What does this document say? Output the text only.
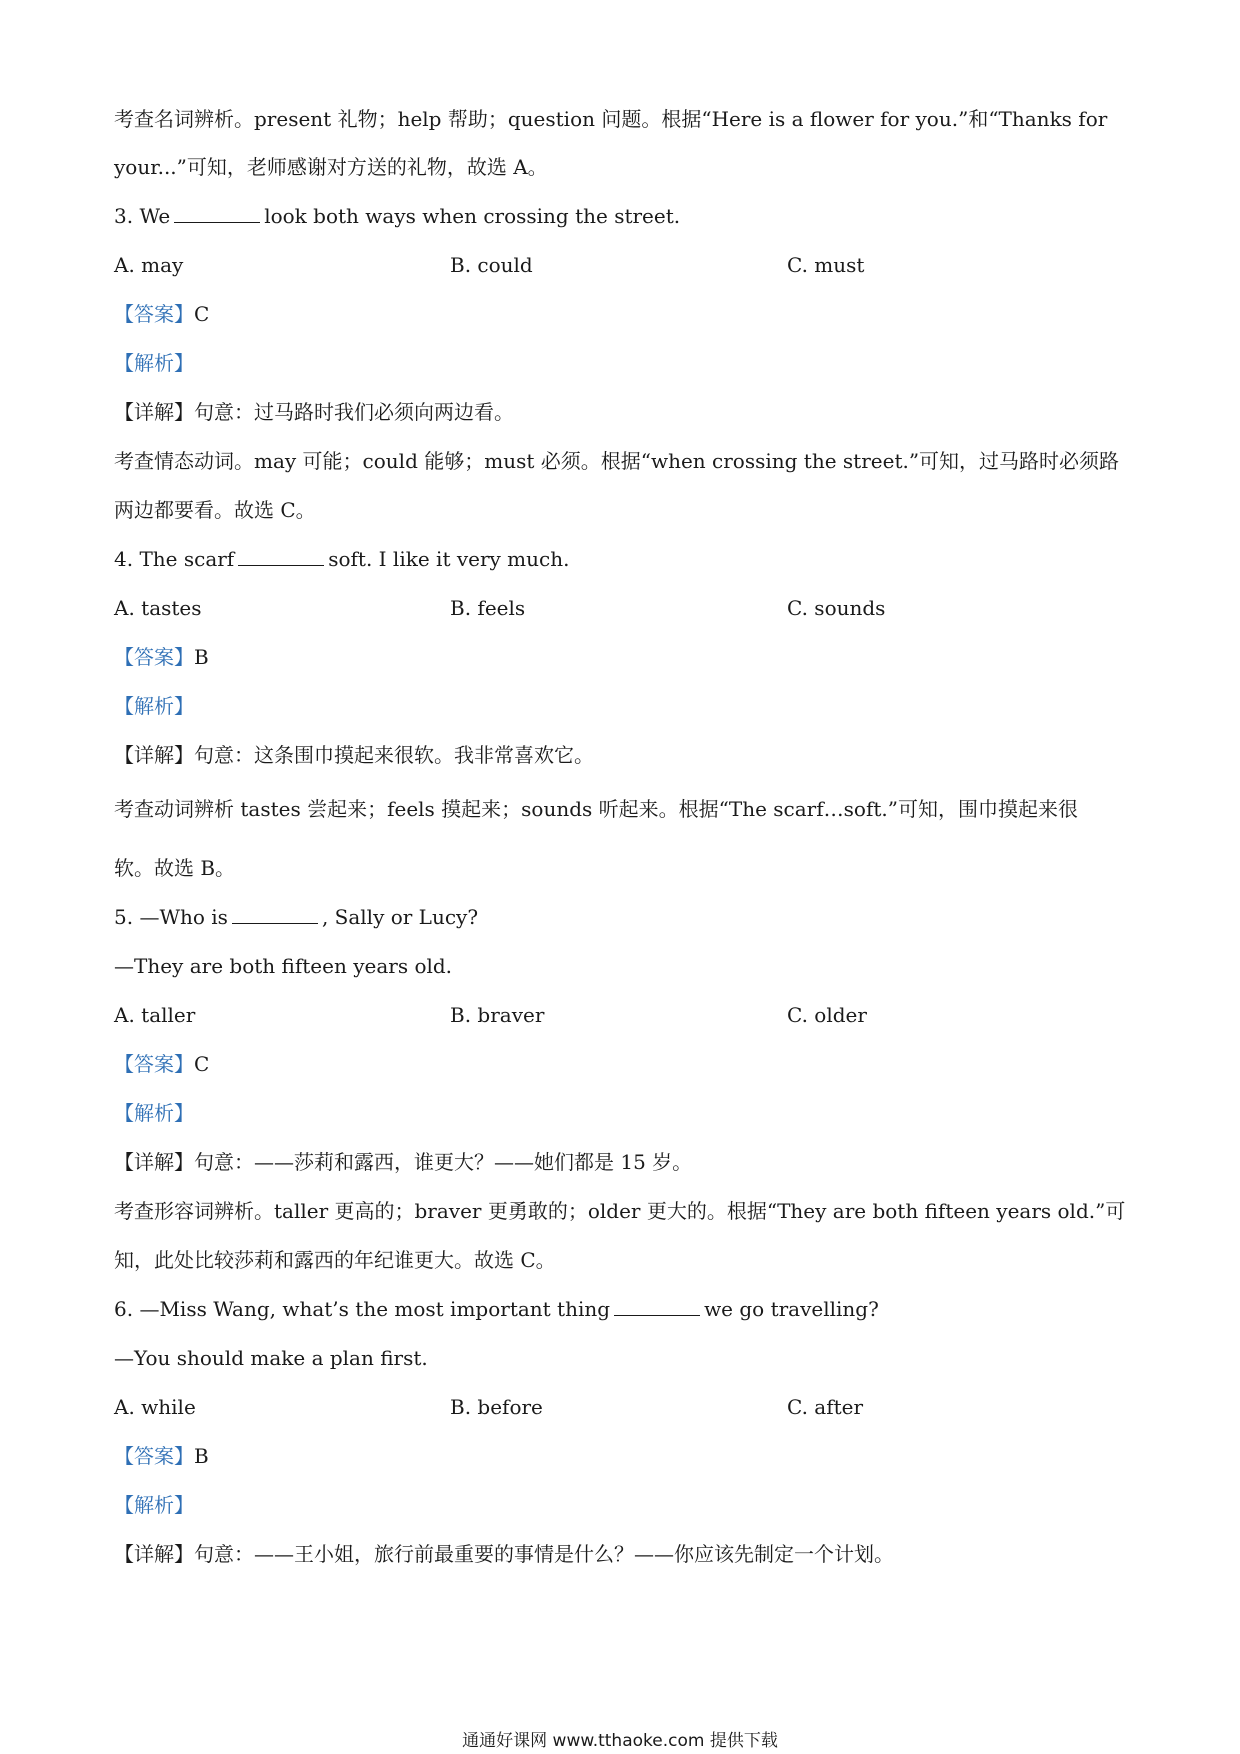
考查名词辨析。present 礼物；help 帮助；question 问题。根据“Here is a flower for you.”和“Thanks for
your...”可知，老师感谢对方送的礼物，故选 A。
3. We	look both ways when crossing the street.
A. may	B. could	C. must
【答案】C
【解析】
【详解】句意：过马路时我们必须向两边看。
考查情态动词。may 可能；could 能够；must 必须。根据“when crossing the street.”可知，过马路时必须路
两边都要看。故选 C。
4. The scarf	soft. I like it very much.
A. tastes	B. feels	C. sounds
【答案】B
【解析】
【详解】句意：这条围巾摸起来很软。我非常喜欢它。
考查动词辨析 tastes 尝起来；feels 摸起来；sounds 听起来。根据“The scarf…soft.”可知，围巾摸起来很
软。故选 B。
5. —Who is	, Sally or Lucy?
—They are both fifteen years old.
A. taller	B. braver	C. older
【答案】C
【解析】
【详解】句意：——莎莉和露西，谁更大？——她们都是 15 岁。
考查形容词辨析。taller 更高的；braver 更勇敢的；older 更大的。根据“They are both fifteen years old.”可
知，此处比较莎莉和露西的年纪谁更大。故选 C。
6. —Miss Wang, what’s the most important thing	we go travelling?
—You should make a plan first.
A. while	B. before	C. after
【答案】B
【解析】
【详解】句意：——王小姐，旅行前最重要的事情是什么？——你应该先制定一个计划。
通通好课网 www.tthaoke.com 提供下载
